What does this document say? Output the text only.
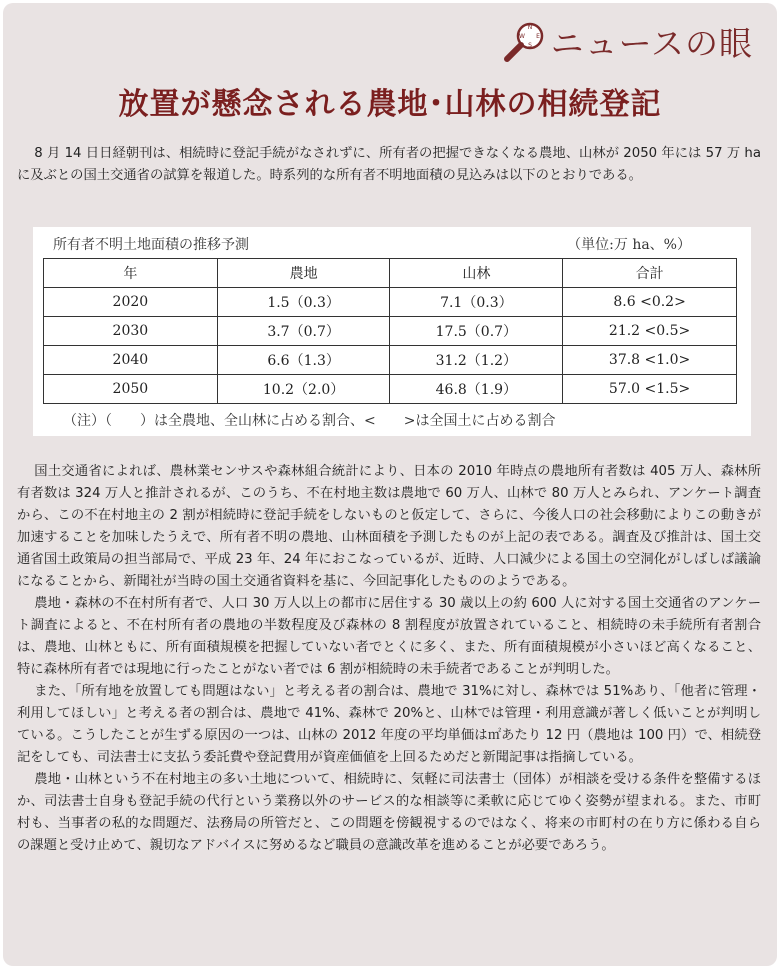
N
S
W E ニュースの眼
放置が懸念される農地･山林の相続登記

8 月 14 日日経朝刊は、相続時に登記手続がなされずに、所有者の把握できなくなる農地、山林が 2050 年には 57 万 ha に及ぶとの国土交通省の試算を報道した。時系列的な所有者不明地面積の見込みは以下のとおりである。

所有者不明土地面積の推移予測	（単位:万 ha、%）
年	農地	山林	合計
2020	1.5（0.3）	7.1（0.3）	8.6 <0.2>
2030	3.7（0.7）	17.5（0.7）	21.2 <0.5>
2040	6.6（1.3）	31.2（1.2）	37.8 <1.0>
2050	10.2（2.0）	46.8（1.9）	57.0 <1.5>
（注）（　　）は全農地、全山林に占める割合、<　　>は全国土に占める割合

国土交通省によれば、農林業センサスや森林組合統計により、日本の 2010 年時点の農地所有者数は 405 万人、森林所有者数は 324 万人と推計されるが、このうち、不在村地主数は農地で 60 万人、山林で 80 万人とみられ、アンケート調査から、この不在村地主の 2 割が相続時に登記手続をしないものと仮定して、さらに、今後人口の社会移動によりこの動きが加速することを加味したうえで、所有者不明の農地、山林面積を予測したものが上記の表である。調査及び推計は、国土交通省国土政策局の担当部局で、平成 23 年、24 年におこなっているが、近時、人口減少による国土の空洞化がしばしば議論になることから、新聞社が当時の国土交通省資料を基に、今回記事化したもののようである。

農地・森林の不在村所有者で、人口 30 万人以上の都市に居住する 30 歳以上の約 600 人に対する国土交通省のアンケート調査によると、不在村所有者の農地の半数程度及び森林の 8 割程度が放置されていること、相続時の未手続所有者割合は、農地、山林ともに、所有面積規模を把握していない者でとくに多く、また、所有面積規模が小さいほど高くなること、特に森林所有者では現地に行ったことがない者では 6 割が相続時の未手続者であることが判明した。

また、「所有地を放置しても問題はない」と考える者の割合は、農地で 31%に対し、森林では 51%あり、「他者に管理・利用してほしい」と考える者の割合は、農地で 41%、森林で 20%と、山林では管理・利用意識が著しく低いことが判明している。こうしたことが生ずる原因の一つは、山林の 2012 年度の平均単価は㎡あたり 12 円（農地は 100 円）で、相続登記をしても、司法書士に支払う委託費や登記費用が資産価値を上回るためだと新聞記事は指摘している。

農地・山林という不在村地主の多い土地について、相続時に、気軽に司法書士（団体）が相談を受ける条件を整備するほか、司法書士自身も登記手続の代行という業務以外のサービス的な相談等に柔軟に応じてゆく姿勢が望まれる。また、市町村も、当事者の私的な問題だ、法務局の所管だと、この問題を傍観視するのではなく、将来の市町村の在り方に係わる自らの課題と受け止めて、親切なアドバイスに努めるなど職員の意識改革を進めることが必要であろう。
